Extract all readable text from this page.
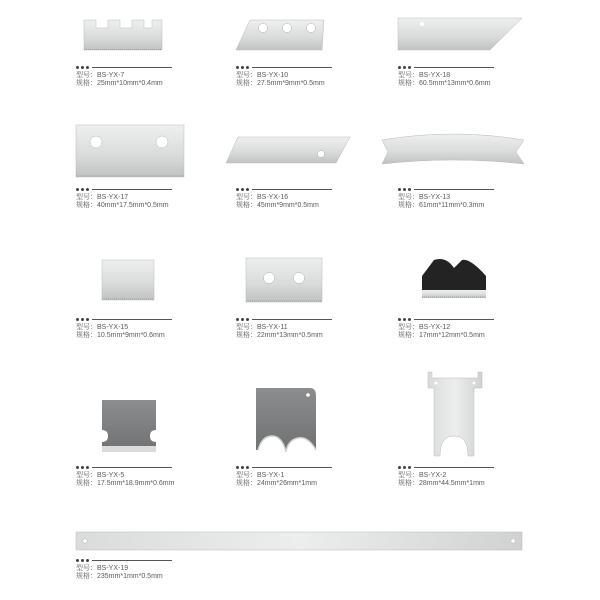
型号：BS-YX-7
规格：25mm*10mm*0.4mm
型号：BS-YX-10
规格：27.5mm*9mm*0.5mm
型号：BS-YX-18
规格：60.5mm*13mm*0.6mm
型号：BS-YX-17
规格：40mm*17.5mm*0.5mm
型号：BS-YX-16
规格：45mm*9mm*0.5mm
型号：BS-YX-13
规格：61mm*11mm*0.3mm
型号：BS-YX-15
规格：10.5mm*9mm*0.6mm
型号：BS-YX-11
规格：22mm*13mm*0.5mm
型号：BS-YX-12
规格：17mm*12mm*0.5mm
型号：BS-YX-5
规格：17.5mm*18.9mm*0.6mm
型号：BS-YX-1
规格：24mm*26mm*1mm
型号：BS-YX-2
规格：28mm*44.5mm*1mm
型号：BS-YX-19
规格：235mm*1mm*0.5mm
